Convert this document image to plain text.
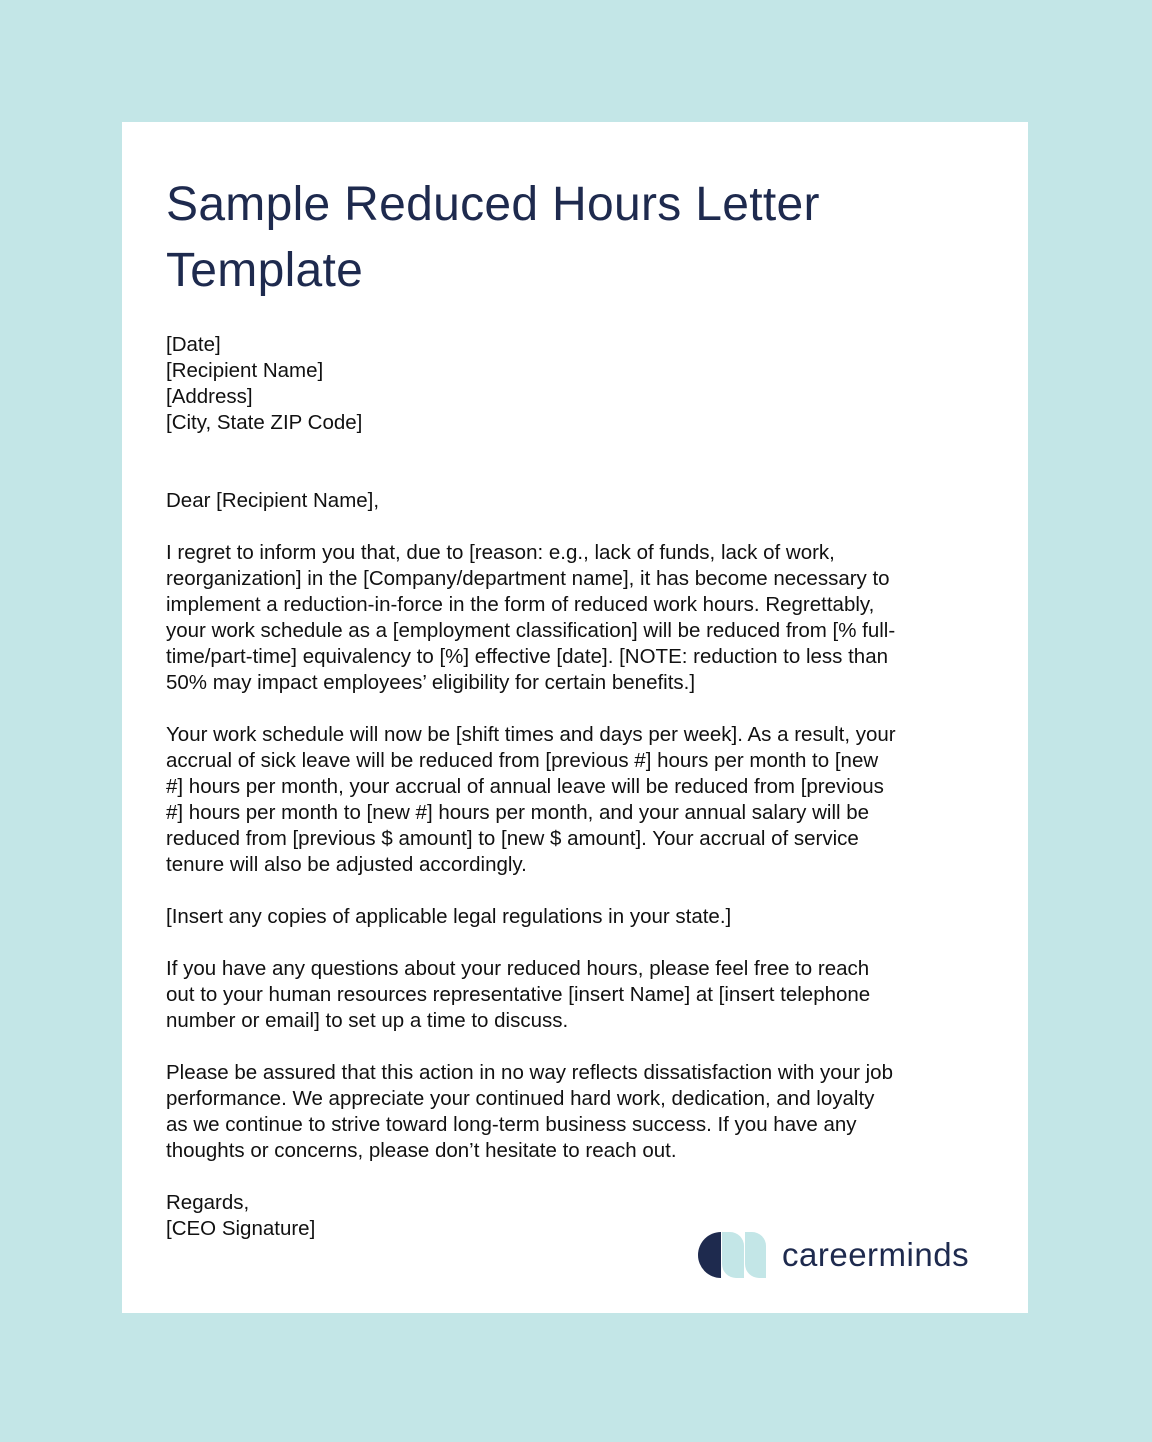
Sample Reduced Hours Letter
Template
[Date]
[Recipient Name]
[Address]
[City, State ZIP Code]
Dear [Recipient Name],
I regret to inform you that, due to [reason: e.g., lack of funds, lack of work,
reorganization] in the [Company/department name], it has become necessary to
implement a reduction-in-force in the form of reduced work hours. Regrettably,
your work schedule as a [employment classification] will be reduced from [% full-
time/part-time] equivalency to [%] effective [date]. [NOTE: reduction to less than
50% may impact employees’ eligibility for certain benefits.]
Your work schedule will now be [shift times and days per week]. As a result, your
accrual of sick leave will be reduced from [previous #] hours per month to [new
#] hours per month, your accrual of annual leave will be reduced from [previous
#] hours per month to [new #] hours per month, and your annual salary will be
reduced from [previous $ amount] to [new $ amount]. Your accrual of service
tenure will also be adjusted accordingly.
[Insert any copies of applicable legal regulations in your state.]
If you have any questions about your reduced hours, please feel free to reach
out to your human resources representative [insert Name] at [insert telephone
number or email] to set up a time to discuss.
Please be assured that this action in no way reflects dissatisfaction with your job
performance. We appreciate your continued hard work, dedication, and loyalty
as we continue to strive toward long-term business success. If you have any
thoughts or concerns, please don’t hesitate to reach out.
Regards,
[CEO Signature]
careerminds
